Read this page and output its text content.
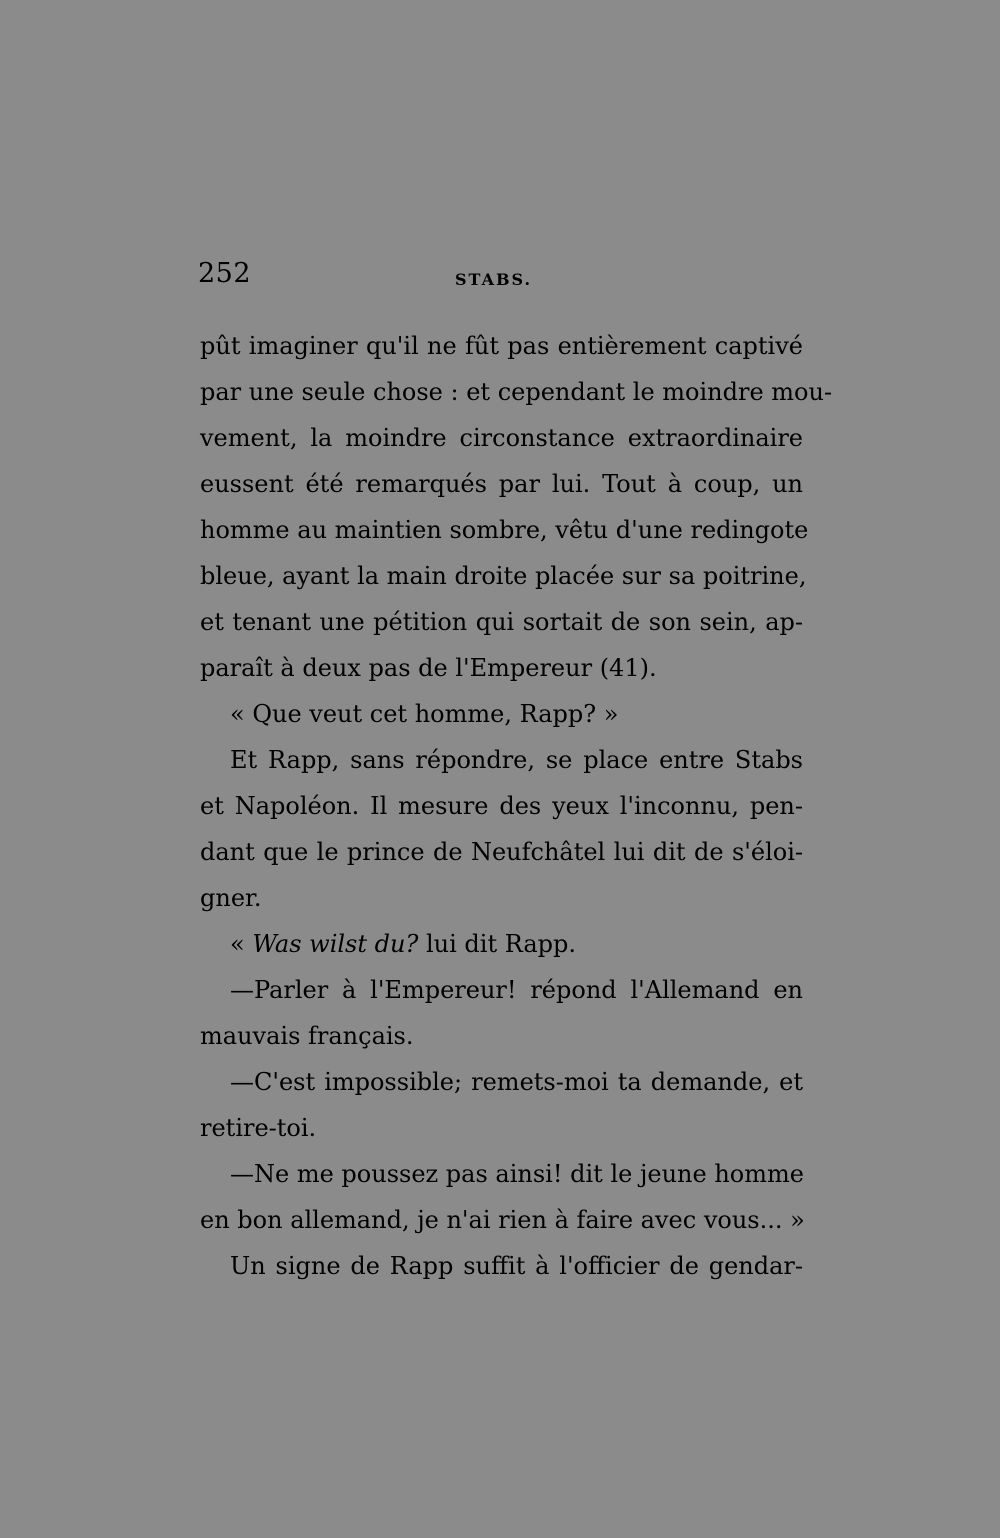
252	STABS.
pût imaginer qu'il ne fût pas entièrement captivé
par une seule chose : et cependant le moindre mou-
vement, la moindre circonstance extraordinaire
eussent été remarqués par lui. Tout à coup, un
homme au maintien sombre, vêtu d'une redingote
bleue, ayant la main droite placée sur sa poitrine,
et tenant une pétition qui sortait de son sein, ap-
paraît à deux pas de l'Empereur (41).
« Que veut cet homme, Rapp? »
Et Rapp, sans répondre, se place entre Stabs
et Napoléon. Il mesure des yeux l'inconnu, pen-
dant que le prince de Neufchâtel lui dit de s'éloi-
gner.
« Was wilst du? lui dit Rapp.
—Parler à l'Empereur! répond l'Allemand en
mauvais français.
—C'est impossible; remets-moi ta demande, et
retire-toi.
—Ne me poussez pas ainsi! dit le jeune homme
en bon allemand, je n'ai rien à faire avec vous... »
Un signe de Rapp suffit à l'officier de gendar-
